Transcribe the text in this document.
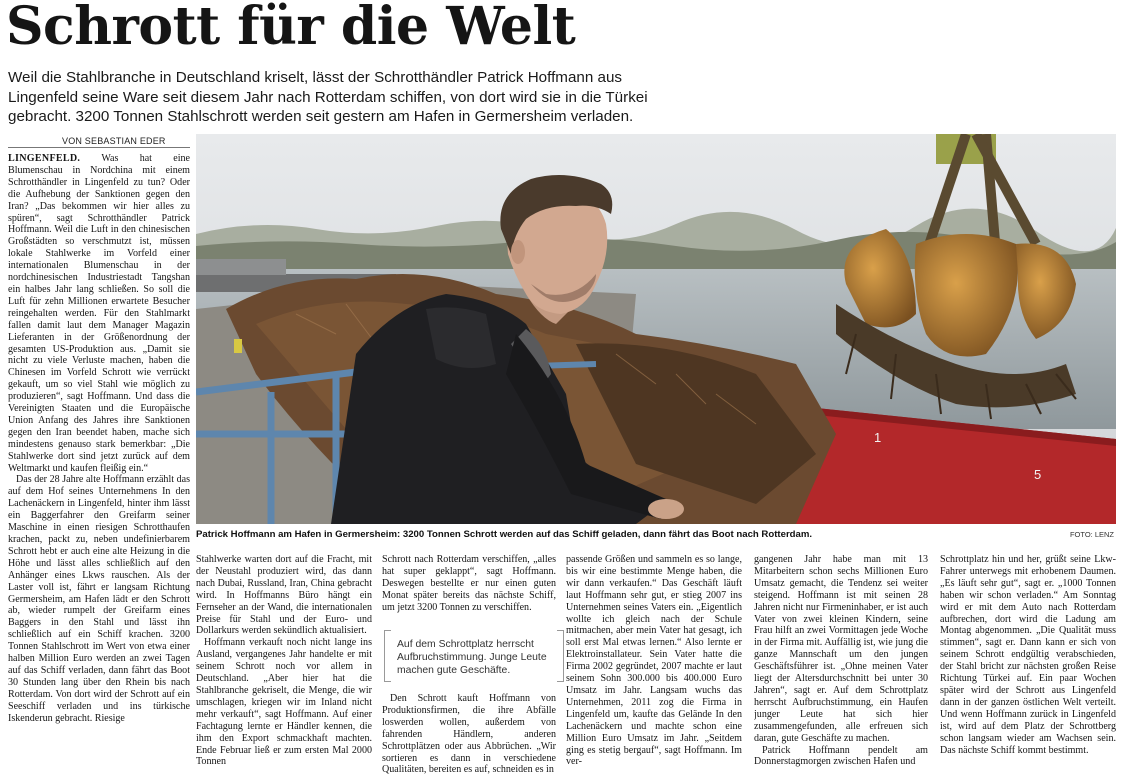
Schrott für die Welt
Weil die Stahlbranche in Deutschland kriselt, lässt der Schrotthändler Patrick Hoffmann aus Lingenfeld seine Ware seit diesem Jahr nach Rotterdam schiffen, von dort wird sie in die Türkei gebracht. 3200 Tonnen Stahlschrott werden seit gestern am Hafen in Germersheim verladen.
VON SEBASTIAN EDER

LINGENFELD. Was hat eine Blumenschau in Nordchina mit einem Schrotthändler in Lingenfeld zu tun? Oder die Aufhebung der Sanktionen gegen den Iran? „Das bekommen wir hier alles zu spüren“, sagt Schrotthändler Patrick Hoffmann. Weil die Luft in den chinesischen Großstädten so verschmutzt ist, müssen lokale Stahlwerke im Vorfeld einer internationalen Blumenschau in der nordchinesischen Industriestadt Tangshan ein halbes Jahr lang schließen. So soll die Luft für zehn Millionen erwartete Besucher reingehalten werden. Für den Stahlmarkt fallen damit laut dem Manager Magazin Lieferanten in der Größenordnung der gesamten US-Produktion aus. „Damit sie nicht zu viele Verluste machen, haben die Chinesen im Vorfeld Schrott wie verrückt gekauft, um so viel Stahl wie möglich zu produzieren“, sagt Hoffmann. Und dass die Vereinigten Staaten und die Europäische Union Anfang des Jahres ihre Sanktionen gegen den Iran beendet haben, mache sich mindestens genauso stark bemerkbar: „Die Stahlwerke dort sind jetzt zurück auf dem Weltmarkt und kaufen fleißig ein.“

Das der 28 Jahre alte Hoffmann erzählt das auf dem Hof seines Unternehmens In den Lachenäckern in Lingenfeld, hinter ihm lässt ein Baggerfahrer den Greifarm seiner Maschine in einen riesigen Schrotthaufen krachen, packt zu, neben undefinierbarem Schrott hebt er auch eine alte Heizung in die Höhe und lässt alles schließlich auf den Anhänger eines Lkws rauschen. Als der Laster voll ist, fährt er langsam Richtung Germersheim, am Hafen lädt er den Schrott ab, wieder rumpelt der Greifarm eines Baggers in den Stahl und lässt ihn schließlich auf ein Schiff krachen. 3200 Tonnen Stahlschrott im Wert von etwa einer halben Million Euro werden an zwei Tagen auf das Schiff verladen, dann fährt das Boot 30 Stunden lang über den Rhein bis nach Rotterdam. Von dort wird der Schrott auf ein Seeschiff verladen und ins türkische Iskenderun gebracht. Riesige

1
5
Patrick Hoffmann am Hafen in Germersheim: 3200 Tonnen Schrott werden auf das Schiff geladen, dann fährt das Boot nach Rotterdam.	FOTO: LENZ

Stahlwerke warten dort auf die Fracht, mit der Neustahl produziert wird, das dann nach Dubai, Russland, Iran, China gebracht wird. In Hoffmanns Büro hängt ein Fernseher an der Wand, die internationalen Preise für Stahl und der Euro- und Dollarkurs werden sekündlich aktualisiert.

Hoffmann verkauft noch nicht lange ins Ausland, vergangenes Jahr handelte er mit seinem Schrott noch vor allem in Deutschland. „Aber hier hat die Stahlbranche gekriselt, die Menge, die wir umschlagen, kriegen wir im Inland nicht mehr verkauft“, sagt Hoffmann. Auf einer Fachtagung lernte er Händler kennen, die ihm den Export schmackhaft machten. Ende Februar ließ er zum ersten Mal 2000 Tonnen

Schrott nach Rotterdam verschiffen, „alles hat super geklappt“, sagt Hoffmann. Deswegen bestellte er nur einen guten Monat später bereits das nächste Schiff, um jetzt 3200 Tonnen zu verschiffen.

Auf dem Schrottplatz herrscht Aufbruchstimmung. Junge Leute machen gute Geschäfte.

Den Schrott kauft Hoffmann von Produktionsfirmen, die ihre Abfälle loswerden wollen, außerdem von fahrenden Händlern, anderen Schrottplätzen oder aus Abbrüchen. „Wir sortieren es dann in verschiedene Qualitäten, bereiten es auf, schneiden es in

passende Größen und sammeln es so lange, bis wir eine bestimmte Menge haben, die wir dann verkaufen.“ Das Geschäft läuft laut Hoffmann sehr gut, er stieg 2007 ins Unternehmen seines Vaters ein. „Eigentlich wollte ich gleich nach der Schule mitmachen, aber mein Vater hat gesagt, ich soll erst Mal etwas lernen.“ Also lernte er Elektroinstallateur. Sein Vater hatte die Firma 2002 gegründet, 2007 machte er laut seinem Sohn 300.000 bis 400.000 Euro Umsatz im Jahr. Langsam wuchs das Unternehmen, 2011 zog die Firma in Lingenfeld um, kaufte das Gelände In den Lachenäckern und machte schon eine Million Euro Umsatz im Jahr. „Seitdem ging es stetig bergauf“, sagt Hoffmann. Im ver-

gangenen Jahr habe man mit 13 Mitarbeitern schon sechs Millionen Euro Umsatz gemacht, die Tendenz sei weiter steigend. Hoffmann ist mit seinen 28 Jahren nicht nur Firmeninhaber, er ist auch Vater von zwei kleinen Kindern, seine Frau hilft an zwei Vormittagen jede Woche in der Firma mit. Auffällig ist, wie jung die ganze Mannschaft um den jungen Geschäftsführer ist. „Ohne meinen Vater liegt der Altersdurchschnitt bei unter 30 Jahren“, sagt er. Auf dem Schrottplatz herrscht Aufbruchstimmung, ein Haufen junger Leute hat sich hier zusammengefunden, alle erfreuen sich daran, gute Geschäfte zu machen.

Patrick Hoffmann pendelt am Donnerstagmorgen zwischen Hafen und

Schrottplatz hin und her, grüßt seine Lkw-Fahrer unterwegs mit erhobenem Daumen. „Es läuft sehr gut“, sagt er. „1000 Tonnen haben wir schon verladen.“ Am Sonntag wird er mit dem Auto nach Rotterdam aufbrechen, dort wird die Ladung am Montag abgenommen. „Die Qualität muss stimmen“, sagt er. Dann kann er sich von seinem Schrott endgültig verabschieden, der Stahl bricht zur nächsten großen Reise Richtung Türkei auf. Ein paar Wochen später wird der Schrott aus Lingenfeld dann in der ganzen östlichen Welt verteilt. Und wenn Hoffmann zurück in Lingenfeld ist, wird auf dem Platz der Schrottberg schon langsam wieder am Wachsen sein. Das nächste Schiff kommt bestimmt.
